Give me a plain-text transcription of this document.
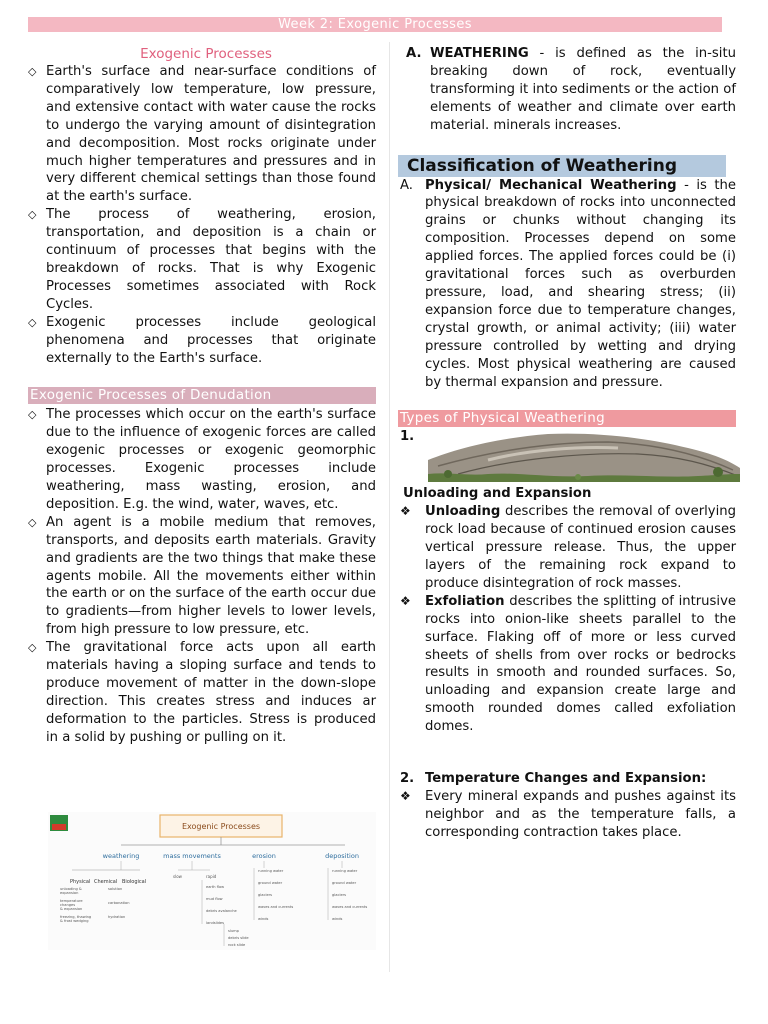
Week 2: Exogenic Processes
Exogenic Processes
◇ Earth's surface and near-surface conditions of comparatively low temperature, low pressure, and extensive contact with water cause the rocks to undergo the varying amount of disintegration and decomposition. Most rocks originate under much higher temperatures and pressures and in very different chemical settings than those found at the earth's surface.
◇ The process of weathering, erosion, transportation, and deposition is a chain or continuum of processes that begins with the breakdown of rocks. That is why Exogenic Processes sometimes associated with Rock Cycles.
◇ Exogenic processes include geological phenomena and processes that originate externally to the Earth's surface.
Exogenic Processes of Denudation
◇ The processes which occur on the earth's surface due to the influence of exogenic forces are called exogenic processes or exogenic geomorphic processes. Exogenic processes include weathering, mass wasting, erosion, and deposition. E.g. the wind, water, waves, etc.
◇ An agent is a mobile medium that removes, transports, and deposits earth materials. Gravity and gradients are the two things that make these agents mobile. All the movements either within the earth or on the surface of the earth occur due to gradients—from higher levels to lower levels, from high pressure to low pressure, etc.
◇ The gravitational force acts upon all earth materials having a sloping surface and tends to produce movement of matter in the down-slope direction. This creates stress and induces ar deformation to the particles. Stress is produced in a solid by pushing or pulling on it.
Exogenic Processes
weathering	mass movements	erosion	deposition
Physical Chemical Biological
unloading &
expansion
temperature
changes
& expansion
freezing, thawing
& frost wedging
solution
carbonation
hydration
slow	rapid
earth flow
mud flow
debris avalanche
landslides
slump
debris slide
rock slide
running water
ground water
glaciers
waves and currents
winds
running water
ground water
glaciers
waves and currents
winds
A. WEATHERING - is defined as the in-situ breaking down of rock, eventually transforming it into sediments or the action of elements of weather and climate over earth material. minerals increases.
Classification of Weathering
A. Physical/ Mechanical Weathering - is the physical breakdown of rocks into unconnected grains or chunks without changing its composition. Processes depend on some applied forces. The applied forces could be (i) gravitational forces such as overburden pressure, load, and shearing stress; (ii) expansion force due to temperature changes, crystal growth, or animal activity; (iii) water pressure controlled by wetting and drying cycles. Most physical weathering are caused by thermal expansion and pressure.
Types of Physical Weathering
1.
Unloading and Expansion
❖ Unloading describes the removal of overlying rock load because of continued erosion causes vertical pressure release. Thus, the upper layers of the remaining rock expand to produce disintegration of rock masses.
❖ Exfoliation describes the splitting of intrusive rocks into onion-like sheets parallel to the surface. Flaking off of more or less curved sheets of shells from over rocks or bedrocks results in smooth and rounded surfaces. So, unloading and expansion create large and smooth rounded domes called exfoliation domes.
2. Temperature Changes and Expansion:
❖ Every mineral expands and pushes against its neighbor and as the temperature falls, a corresponding contraction takes place.
